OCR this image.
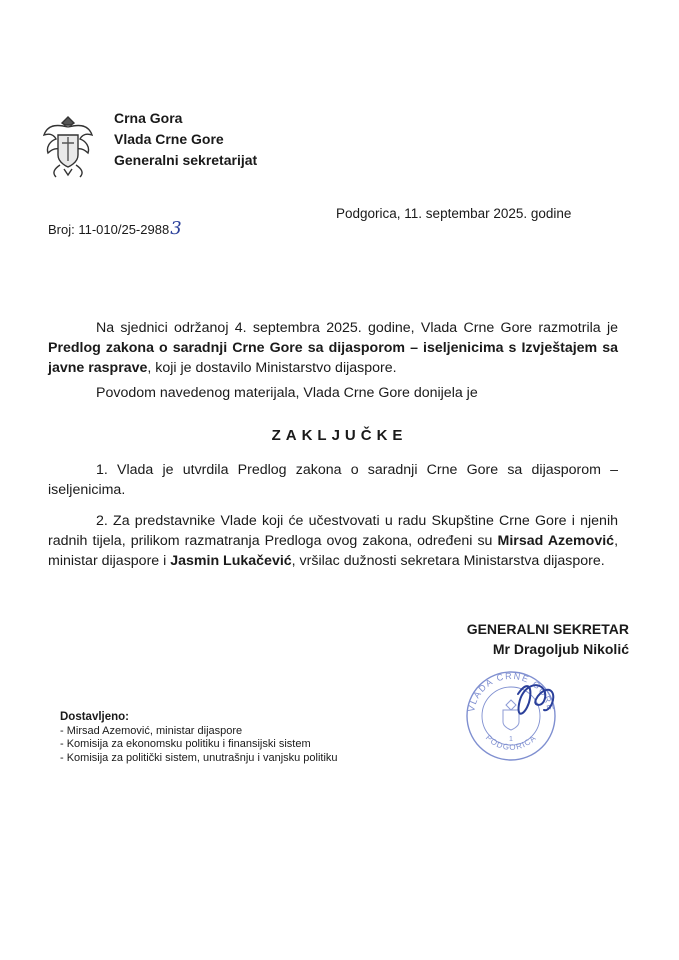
Crna Gora
Vlada Crne Gore
Generalni sekretarijat
Broj: 11-010/25-29883
Podgorica, 11. septembar 2025. godine
Na sjednici održanoj 4. septembra 2025. godine, Vlada Crne Gore razmotrila je Predlog zakona o saradnji Crne Gore sa dijasporom – iseljenicima s Izvještajem sa javne rasprave, koji je dostavilo Ministarstvo dijaspore.
Povodom navedenog materijala, Vlada Crne Gore donijela je
ZAKLJUČKE
1. Vlada je utvrdila Predlog zakona o saradnji Crne Gore sa dijasporom – iseljenicima.
2. Za predstavnike Vlade koji će učestvovati u radu Skupštine Crne Gore i njenih radnih tijela, prilikom razmatranja Predloga ovog zakona, određeni su Mirsad Azemović, ministar dijaspore i Jasmin Lukačević, vršilac dužnosti sekretara Ministarstva dijaspore.
GENERALNI SEKRETAR
Mr Dragoljub Nikolić
VLADA CRNE GORE
PODGORICA
1
Dostavljeno:
- Mirsad Azemović, ministar dijaspore
- Komisija za ekonomsku politiku i finansijski sistem
- Komisija za politički sistem, unutrašnju i vanjsku politiku
